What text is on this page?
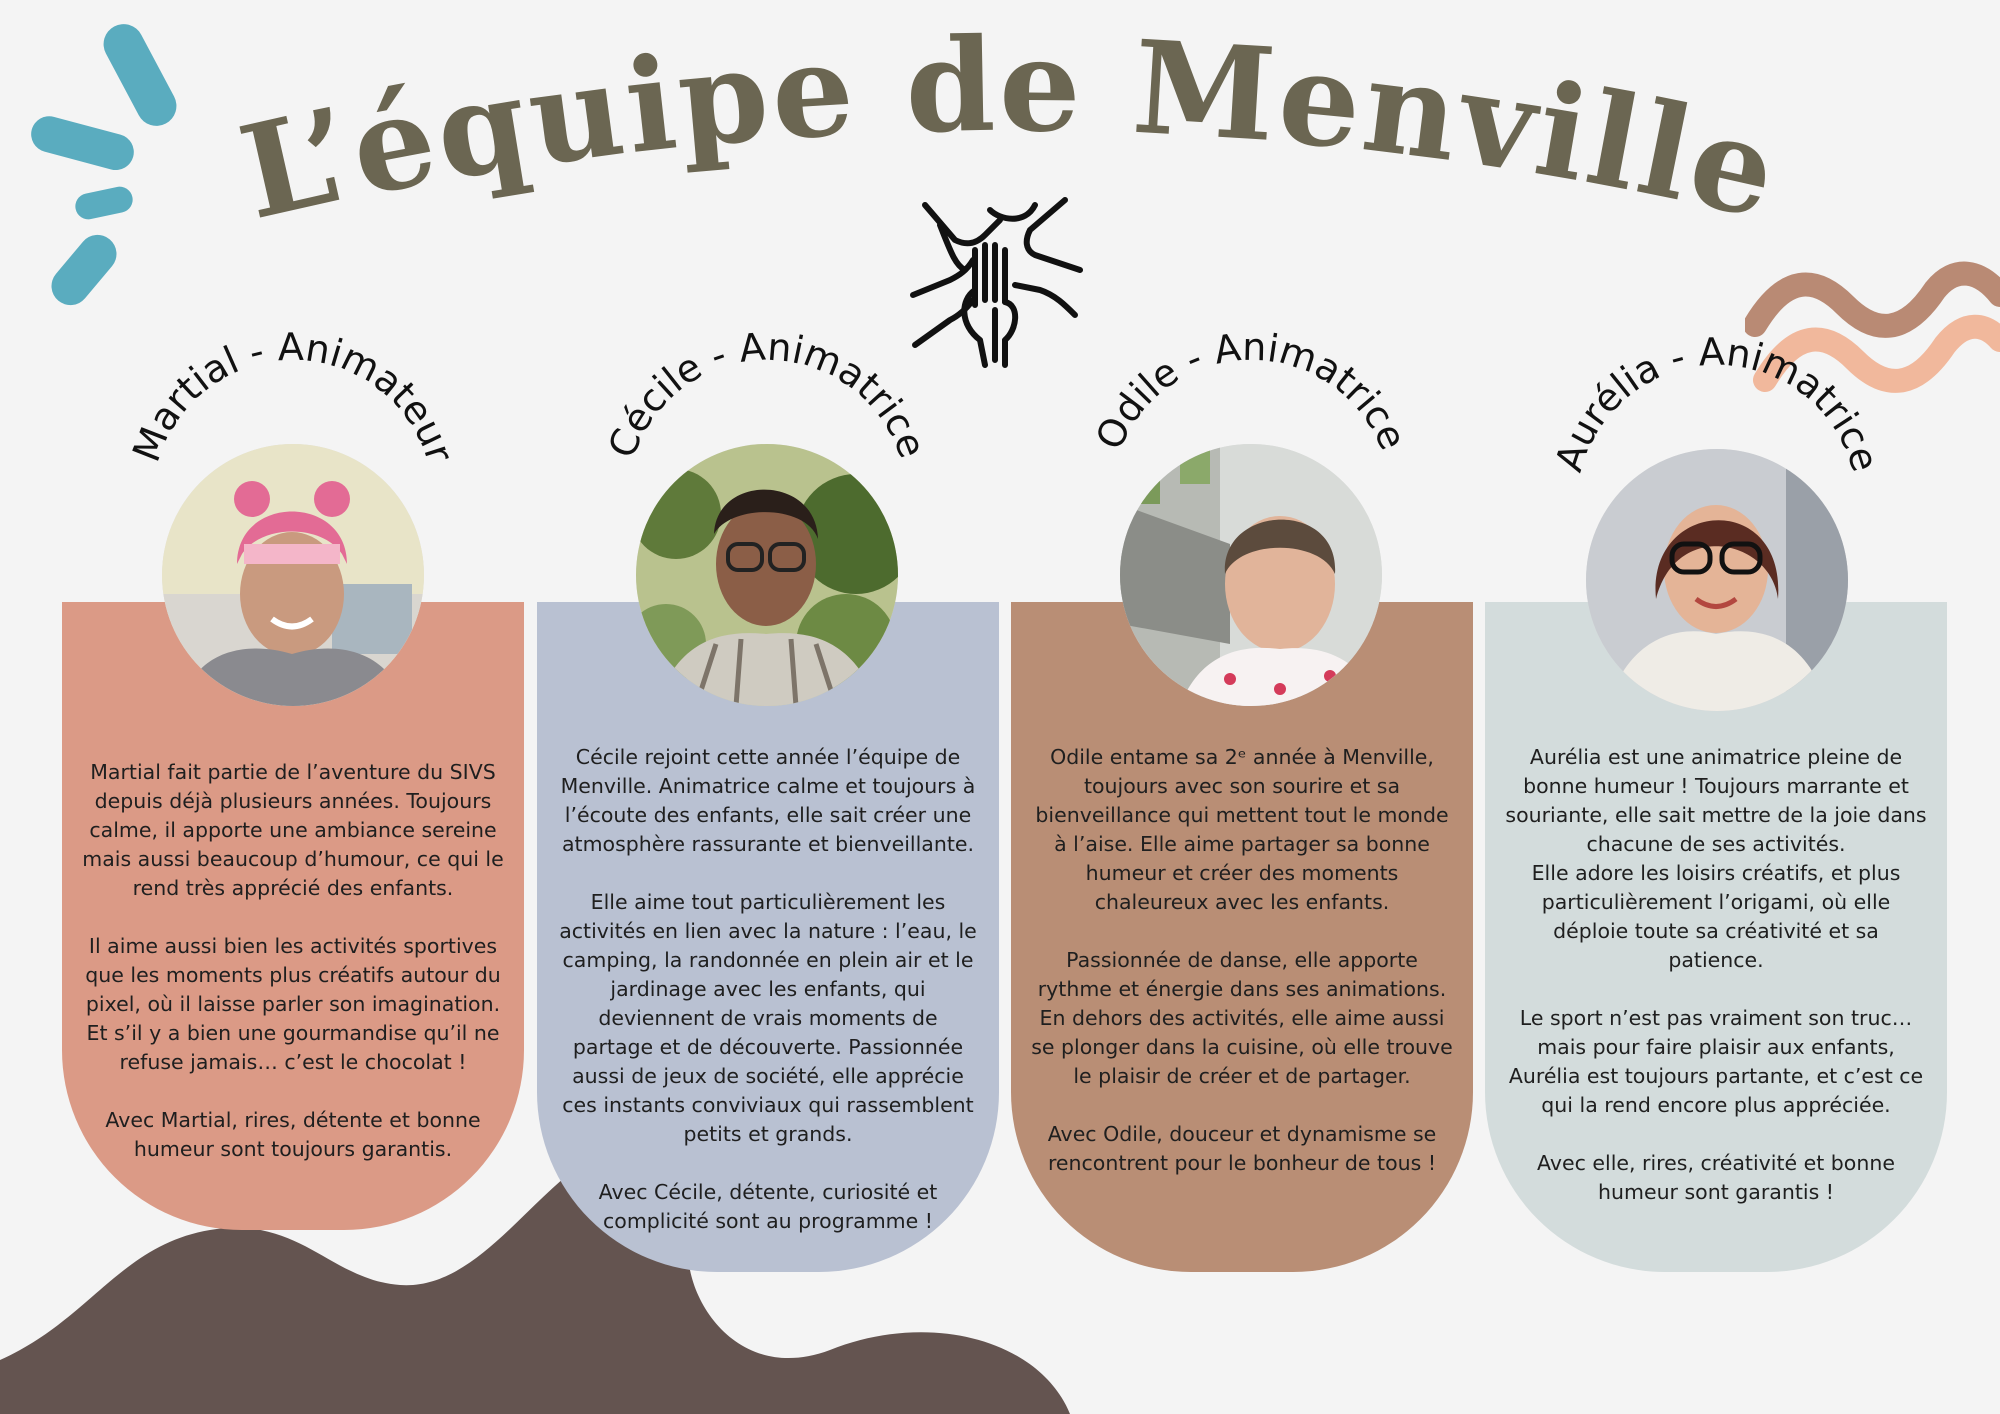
L’équipe de Menville
Martial fait partie de l’aventure du SIVS depuis déjà plusieurs années. Toujours calme, il apporte une ambiance sereine mais aussi beaucoup d’humour, ce qui le rend très apprécié des enfants.

Il aime aussi bien les activités sportives que les moments plus créatifs autour du pixel, où il laisse parler son imagination. Et s’il y a bien une gourmandise qu’il ne refuse jamais… c’est le chocolat !

Avec Martial, rires, détente et bonne humeur sont toujours garantis.
Cécile rejoint cette année l’équipe de Menville. Animatrice calme et toujours à l’écoute des enfants, elle sait créer une atmosphère rassurante et bienveillante.

Elle aime tout particulièrement les activités en lien avec la nature : l’eau, le camping, la randonnée en plein air et le jardinage avec les enfants, qui deviennent de vrais moments de partage et de découverte. Passionnée aussi de jeux de société, elle apprécie ces instants conviviaux qui rassemblent petits et grands.

Avec Cécile, détente, curiosité et complicité sont au programme !
Odile entame sa 2ᵉ année à Menville, toujours avec son sourire et sa bienveillance qui mettent tout le monde à l’aise. Elle aime partager sa bonne humeur et créer des moments chaleureux avec les enfants.

Passionnée de danse, elle apporte rythme et énergie dans ses animations. En dehors des activités, elle aime aussi se plonger dans la cuisine, où elle trouve le plaisir de créer et de partager.

Avec Odile, douceur et dynamisme se rencontrent pour le bonheur de tous !
Aurélia est une animatrice pleine de bonne humeur ! Toujours marrante et souriante, elle sait mettre de la joie dans chacune de ses activités.
Elle adore les loisirs créatifs, et plus particulièrement l’origami, où elle déploie toute sa créativité et sa patience.

Le sport n’est pas vraiment son truc… mais pour faire plaisir aux enfants, Aurélia est toujours partante, et c’est ce qui la rend encore plus appréciée.

Avec elle, rires, créativité et bonne humeur sont garantis !
Martial - Animateur	Cécile - Animatrice	Odile - Animatrice
Aurélia - Animatrice
